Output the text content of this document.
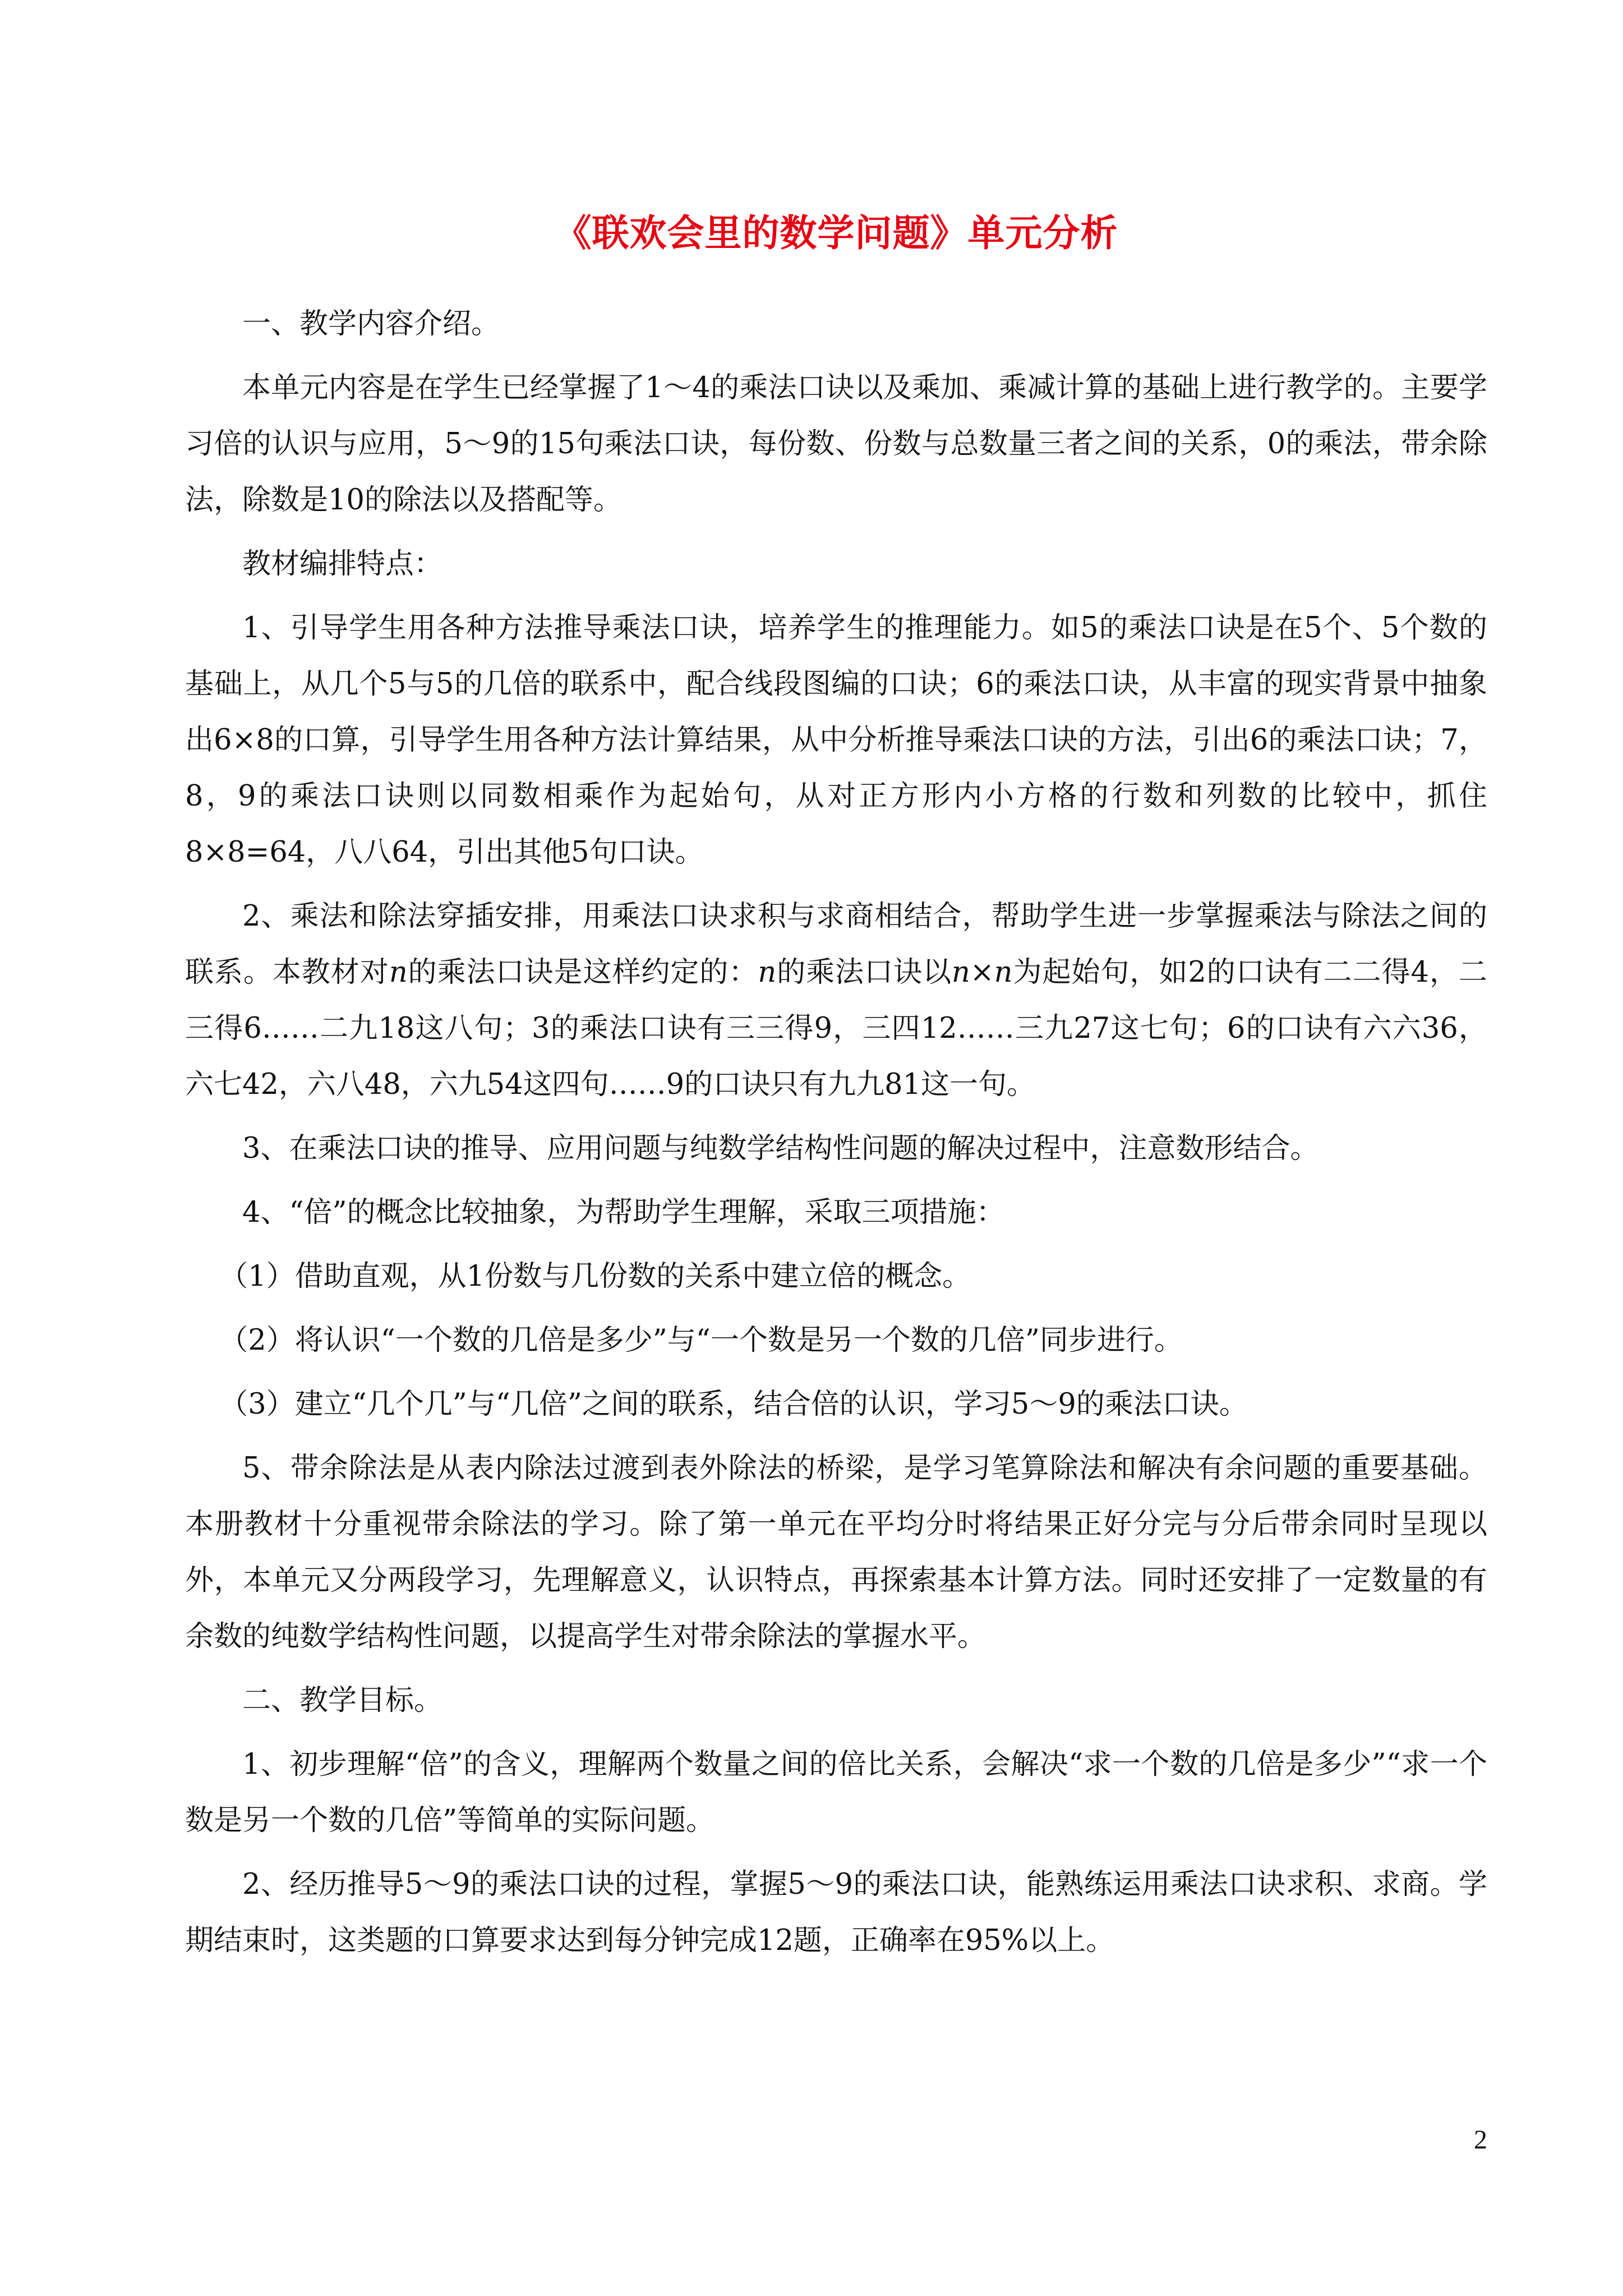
《联欢会里的数学问题》单元分析

一、教学内容介绍。

本单元内容是在学生已经掌握了1～4的乘法口诀以及乘加、乘减计算的基础上进行教学的。主要学习倍的认识与应用，5～9的15句乘法口诀，每份数、份数与总数量三者之间的关系，0的乘法，带余除法，除数是10的除法以及搭配等。

教材编排特点：

1、引导学生用各种方法推导乘法口诀，培养学生的推理能力。如5的乘法口诀是在5个、5个数的基础上，从几个5与5的几倍的联系中，配合线段图编的口诀；6的乘法口诀，从丰富的现实背景中抽象出6×8的口算，引导学生用各种方法计算结果，从中分析推导乘法口诀的方法，引出6的乘法口诀；7，8，9的乘法口诀则以同数相乘作为起始句，从对正方形内小方格的行数和列数的比较中，抓住8×8=64，八八64，引出其他5句口诀。

2、乘法和除法穿插安排，用乘法口诀求积与求商相结合，帮助学生进一步掌握乘法与除法之间的联系。本教材对n的乘法口诀是这样约定的：n的乘法口诀以n×n为起始句，如2的口诀有二二得4，二三得6……二九18这八句；3的乘法口诀有三三得9，三四12……三九27这七句；6的口诀有六六36，六七42，六八48，六九54这四句……9的口诀只有九九81这一句。

3、在乘法口诀的推导、应用问题与纯数学结构性问题的解决过程中，注意数形结合。

4、“倍”的概念比较抽象，为帮助学生理解，采取三项措施：

（1）借助直观，从1份数与几份数的关系中建立倍的概念。

（2）将认识“一个数的几倍是多少”与“一个数是另一个数的几倍”同步进行。

（3）建立“几个几”与“几倍”之间的联系，结合倍的认识，学习5～9的乘法口诀。

5、带余除法是从表内除法过渡到表外除法的桥梁，是学习笔算除法和解决有余问题的重要基础。本册教材十分重视带余除法的学习。除了第一单元在平均分时将结果正好分完与分后带余同时呈现以外，本单元又分两段学习，先理解意义，认识特点，再探索基本计算方法。同时还安排了一定数量的有余数的纯数学结构性问题，以提高学生对带余除法的掌握水平。

二、教学目标。

1、初步理解“倍”的含义，理解两个数量之间的倍比关系，会解决“求一个数的几倍是多少”“求一个数是另一个数的几倍”等简单的实际问题。

2、经历推导5～9的乘法口诀的过程，掌握5～9的乘法口诀，能熟练运用乘法口诀求积、求商。学期结束时，这类题的口算要求达到每分钟完成12题，正确率在95%以上。

2
